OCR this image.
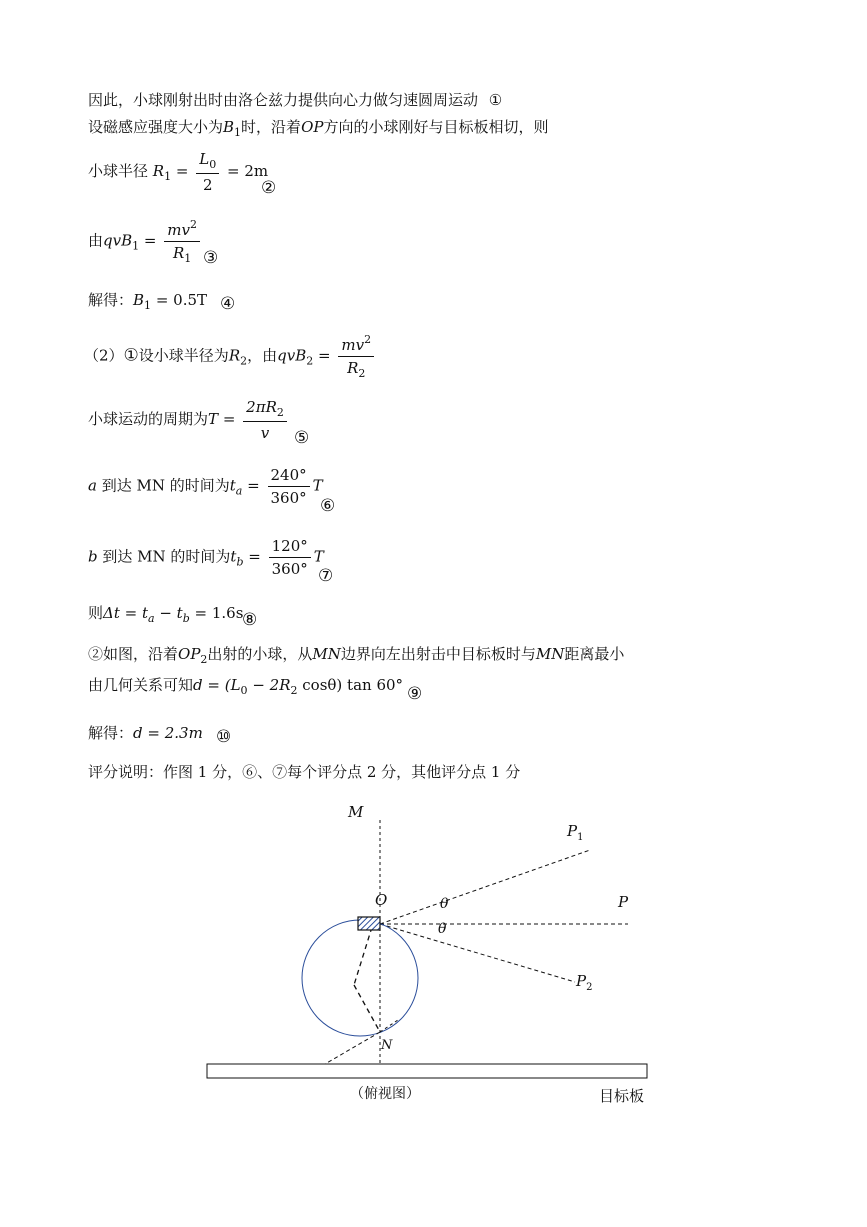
因此，小球刚射出时由洛仑兹力提供向心力做匀速圆周运动 ①
设磁感应强度大小为$B_1$时，沿着OP方向的小球刚好与目标板相切，则
小球半径 $R_1 = \frac{L_0}{2} = 2m$
②
由$qvB_1 = \frac{mv^2}{R_1}$ ③
解得：$B_1 = 0.5T$ ④
（2）①设小球半径为$R_2$，由$qvB_2 = \frac{mv^2}{R_2}$
小球运动的周期为$T = \frac{2\pi R_2}{v}$ ⑤
a 到达 MN 的时间为$t_a = \frac{240^\circ}{360^\circ}$ T
⑥
b 到达 MN 的时间为$t_b = \frac{120^\circ}{360^\circ}$ T
⑦
则$\Delta t = t_a - t_b = 1.6s$
⑧
②如图，沿着$OP_2$出射的小球，从MN边界向左出射击中目标板时与MN距离最小
由几何关系可知$d = (L_0 - 2R_2$ cosθ) tan 60° ⑨
解得：d = 2.3m ⑩
评分说明：作图 1 分，⑥、⑦每个评分点 2 分，其他评分点 1 分
M
$P_1$
O	θ	P
θ
$P_2$
N
（俯视图）	目标板
